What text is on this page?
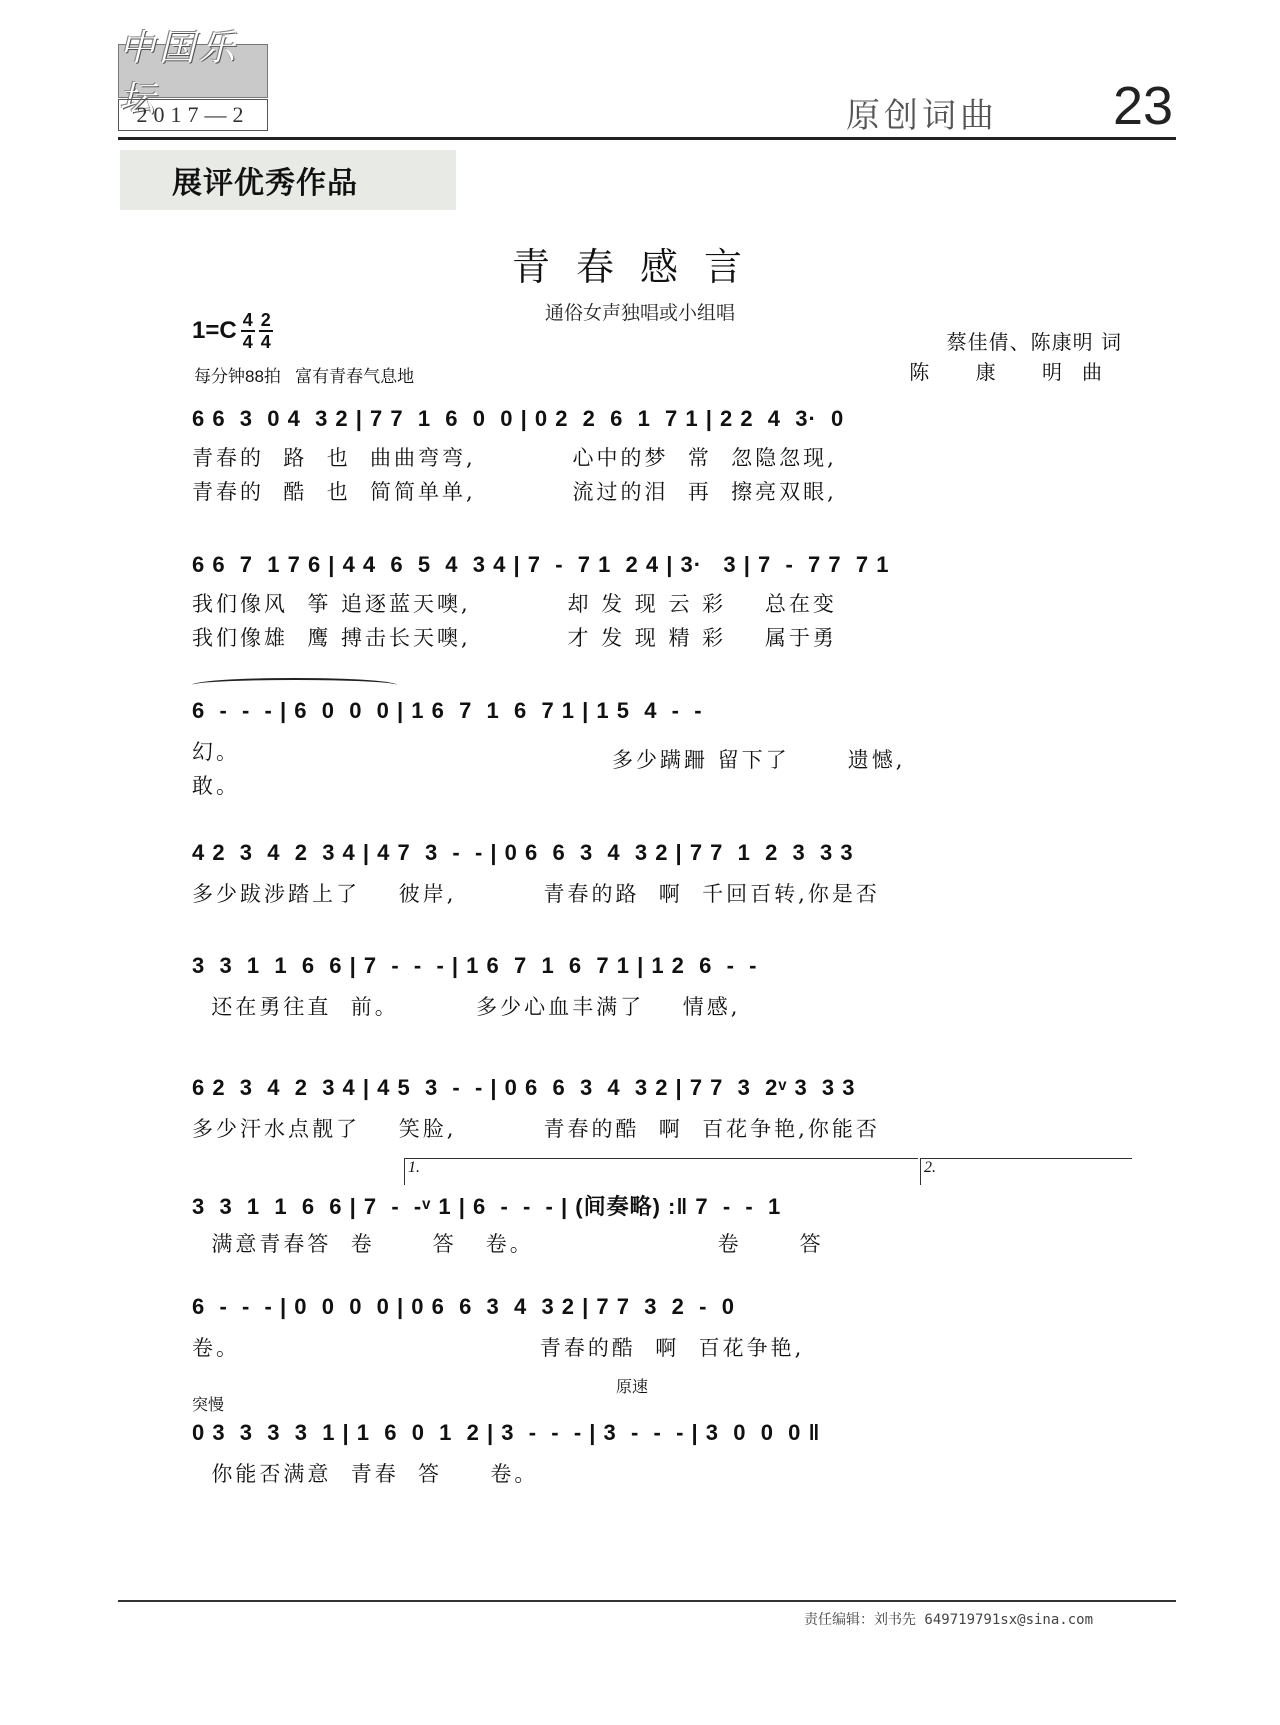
中国乐坛
2017—2	原创词曲 23
展评优秀作品
青春感言
通俗女声独唱或小组唱
$1=C \frac{4}{4} \frac{2}{4}$
每分钟88拍 富有青春气息地
蔡佳倩、陈康明 词
陈 康 明曲
6 6  3  0 4  3 2 | 7 7  1  6  0  0 | 0 2  2  6  1  7 1 | 2 2  4  3·  0
青春的  路  也  曲曲弯弯,          心中的梦  常  忽隐忽现,
青春的  酷  也  简简单单,          流过的泪  再  擦亮双眼,
6 6  7  1 7 6 | 4 4  6  5  4  3 4 | 7  -  7 1  2 4 | 3·   3 | 7  -  7 7  7 1
我们像风  筝 追逐蓝天噢,          却 发 现 云 彩    总在变
我们像雄  鹰 搏击长天噢,          才 发 现 精 彩    属于勇
6  -  -  - | 6  0  0  0 | 1 6  7  1  6  7 1 | 1 5  4  -  -
幻。
敢。
多少蹒跚 留下了      遗憾,
4 2  3  4  2  3 4 | 4 7  3  -  - | 0 6  6  3  4  3 2 | 7 7  1  2  3  3 3
多少跋涉踏上了    彼岸,         青春的路  啊  千回百转,你是否
3  3  1  1  6  6 | 7  -  -  - | 1 6  7  1  6  7 1 | 1 2  6  -  -
还在勇往直  前。        多少心血丰满了    情感,
6 2  3  4  2  3 4 | 4 5  3  -  - | 0 6  6  3  4  3 2 | 7 7  3  2ᵛ 3  3 3
多少汗水点靓了    笑脸,         青春的酷  啊  百花争艳,你能否
1.	2.
3  3  1  1  6  6 | 7  -  -ᵛ 1 | 6  -  -  - | (间奏略) :‖ 7  -  -  1
满意青春答  卷      答   卷。                   卷      答
6  -  -  - | 0  0  0  0 | 0 6  6  3  4  3 2 | 7 7  3  2  -  0
卷。                               青春的酷  啊  百花争艳,
突慢
原速
0 3  3  3  3  1 | 1  6  0  1  2 | 3  -  -  - | 3  -  -  - | 3  0  0  0 ‖
你能否满意  青春  答     卷。
责任编辑：刘书先 649719791sx@sina.com
